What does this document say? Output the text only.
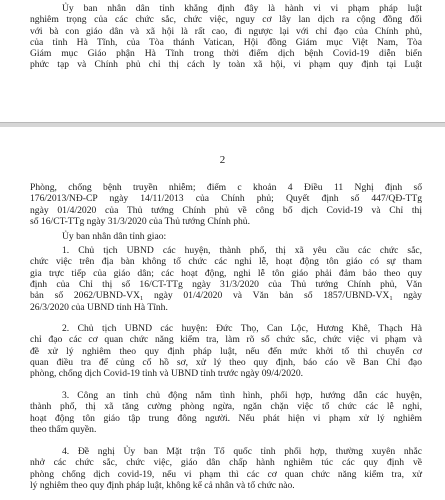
Ủy ban nhân dân tỉnh khẳng định đây là hành vi vi phạm pháp luật
nghiêm trọng của các chức sắc, chức việc, nguy cơ lây lan dịch ra cộng đồng đối
với bà con giáo dân và xã hội là rất cao, đi ngược lại với chỉ đạo của Chính phủ,
của tỉnh Hà Tĩnh, của Tòa thánh Vatican, Hội đồng Giám mục Việt Nam, Tòa
Giám mục Giáo phận Hà Tĩnh trong thời điểm dịch bệnh Covid-19 diễn biến
phức tạp và Chính phủ chỉ thị cách ly toàn xã hội, vi phạm quy định tại Luật
2
Phòng, chống bệnh truyền nhiễm; điểm c khoản 4 Điều 11 Nghị định số
176/2013/NĐ-CP ngày 14/11/2013 của Chính phủ; Quyết định số 447/QĐ-TTg
ngày 01/4/2020 của Thủ tướng Chính phủ về công bố dịch Covid-19 và Chỉ thị
số 16/CT-TTg ngày 31/3/2020 của Thủ tướng Chính phủ.
Ủy ban nhân dân tỉnh giao:
1. Chủ tịch UBND các huyện, thành phố, thị xã yêu cầu các chức sắc,
chức việc trên địa bàn không tổ chức các nghi lễ, hoạt động tôn giáo có sự tham
gia trực tiếp của giáo dân; các hoạt động, nghi lễ tôn giáo phải đảm bảo theo quy
định của Chỉ thị số 16/CT-TTg ngày 31/3/2020 của Thủ tướng Chính phủ, Văn
bản số $2062/UBND-VX_1$ ngày 01/4/2020 và Văn bản số $1857/UBND-VX_1$ ngày
26/3/2020 của UBND tỉnh Hà Tĩnh.
2. Chủ tịch UBND các huyện: Đức Thọ, Can Lộc, Hương Khê, Thạch Hà
chỉ đạo các cơ quan chức năng kiểm tra, làm rõ số chức sắc, chức việc vi phạm và
đề xử lý nghiêm theo quy định pháp luật, nếu đến mức khởi tố thì chuyển cơ
quan điều tra để củng cố hồ sơ, xử lý theo quy định, báo cáo về Ban Chỉ đạo
phòng, chống dịch Covid-19 tỉnh và UBND tỉnh trước ngày 09/4/2020.
3. Công an tỉnh chủ động nắm tình hình, phối hợp, hướng dẫn các huyện,
thành phố, thị xã tăng cường phòng ngừa, ngăn chặn việc tổ chức các lễ nghi,
hoạt động tôn giáo tập trung đông người. Nếu phát hiện vi phạm xử lý nghiêm
theo thẩm quyền.
4. Đề nghị Ủy ban Mặt trận Tổ quốc tỉnh phối hợp, thường xuyên nhắc
nhở các chức sắc, chức việc, giáo dân chấp hành nghiêm túc các quy định về
phòng chống dịch covid-19, nếu vi phạm thì các cơ quan chức năng kiểm tra, xử
lý nghiêm theo quy định pháp luật, không kể cả nhân và tổ chức nào.
